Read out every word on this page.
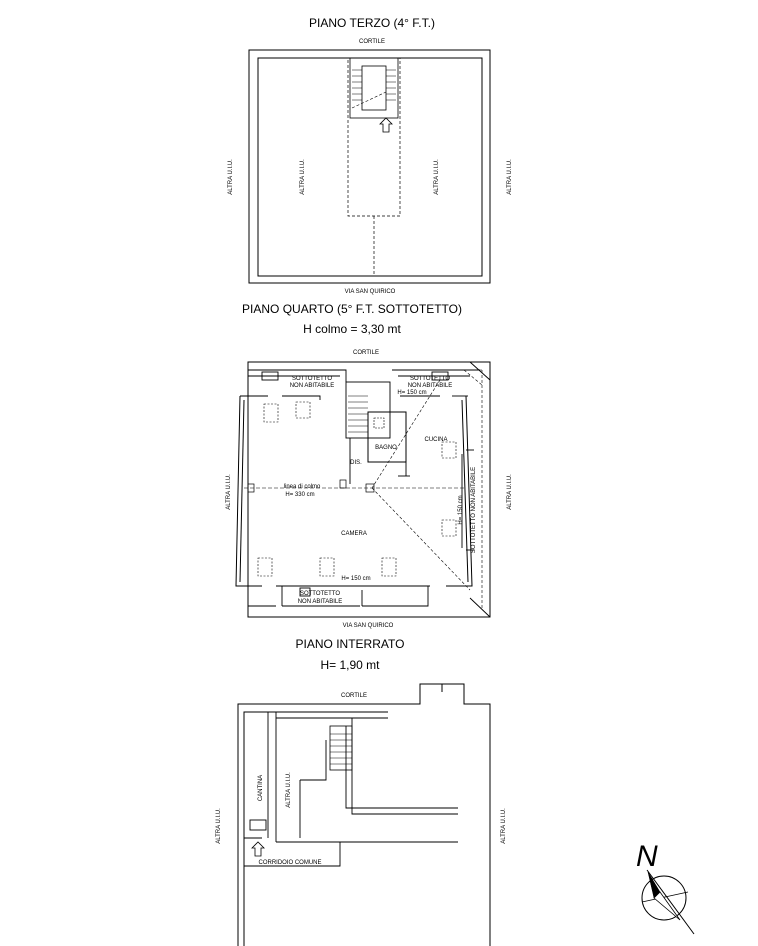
PIANO TERZO (4° F.T.)
CORTILE
ALTRA U.I.U.	ALTRA U.I.U.	ALTRA U.I.U.	ALTRA U.I.U.
VIA SAN QUIRICO
PIANO QUARTO (5° F.T. SOTTOTETTO)
H colmo = 3,30 mt
CORTILE
SOTTOTETTO
NON ABITABILE
SOTTOTETTO
NON ABITABILE
H= 150 cm
BAGNO
DIS.
CUCINA
linea di colmo
H= 330 cm	SOTTOTETTO NON ABITABILE
H= 150 cm
CAMERA
H= 150 cm
SOTTOTETTO
NON ABITABILE
ALTRA U.I.U.	ALTRA U.I.U.
VIA SAN QUIRICO
PIANO INTERRATO
H= 1,90 mt
CORTILE
CANTINA	ALTRA U.I.U.
CORRIDOIO COMUNE
ALTRA U.I.U.	ALTRA U.I.U.
N
